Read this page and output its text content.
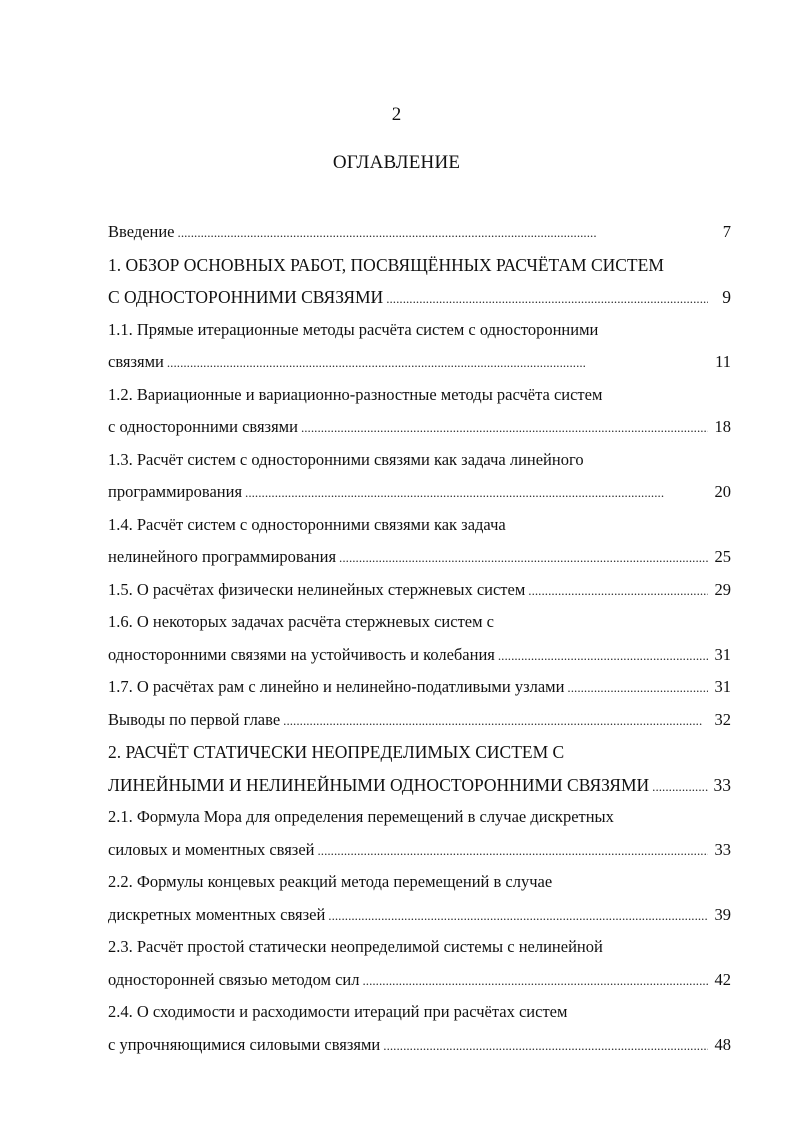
2
ОГЛАВЛЕНИЕ
Введение . . .	7
1. ОБЗОР ОСНОВНЫХ РАБОТ, ПОСВЯЩЁННЫХ РАСЧЁТАМ СИСТЕМ
С ОДНОСТОРОННИМИ СВЯЗЯМИ . . .	9
1.1. Прямые итерационные методы расчёта систем с односторонними
связями . . .	11
1.2. Вариационные и вариационно-разностные методы расчёта систем
с односторонними связями . . .	18
1.3. Расчёт систем с односторонними связями как задача линейного
программирования . . .	20
1.4. Расчёт систем с односторонними связями как задача
нелинейного программирования . . .	25
1.5. О расчётах физически нелинейных стержневых систем . . .	29
1.6. О некоторых задачах расчёта стержневых систем с
односторонними связями на устойчивость и колебания . . .	31
1.7. О расчётах рам с линейно и нелинейно-податливыми узлами . . .	31
Выводы по первой главе . . .	32
2. РАСЧЁТ СТАТИЧЕСКИ НЕОПРЕДЕЛИМЫХ СИСТЕМ С
ЛИНЕЙНЫМИ И НЕЛИНЕЙНЫМИ ОДНОСТОРОННИМИ СВЯЗЯМИ . . .	33
2.1. Формула Мора для определения перемещений в случае дискретных
силовых и моментных связей . . .	33
2.2. Формулы концевых реакций метода перемещений в случае
дискретных моментных связей . . .	39
2.3. Расчёт простой статически неопределимой системы с нелинейной
односторонней связью методом сил . . .	42
2.4. О сходимости и расходимости итераций при расчётах систем
с упрочняющимися силовыми связями . . .	48
